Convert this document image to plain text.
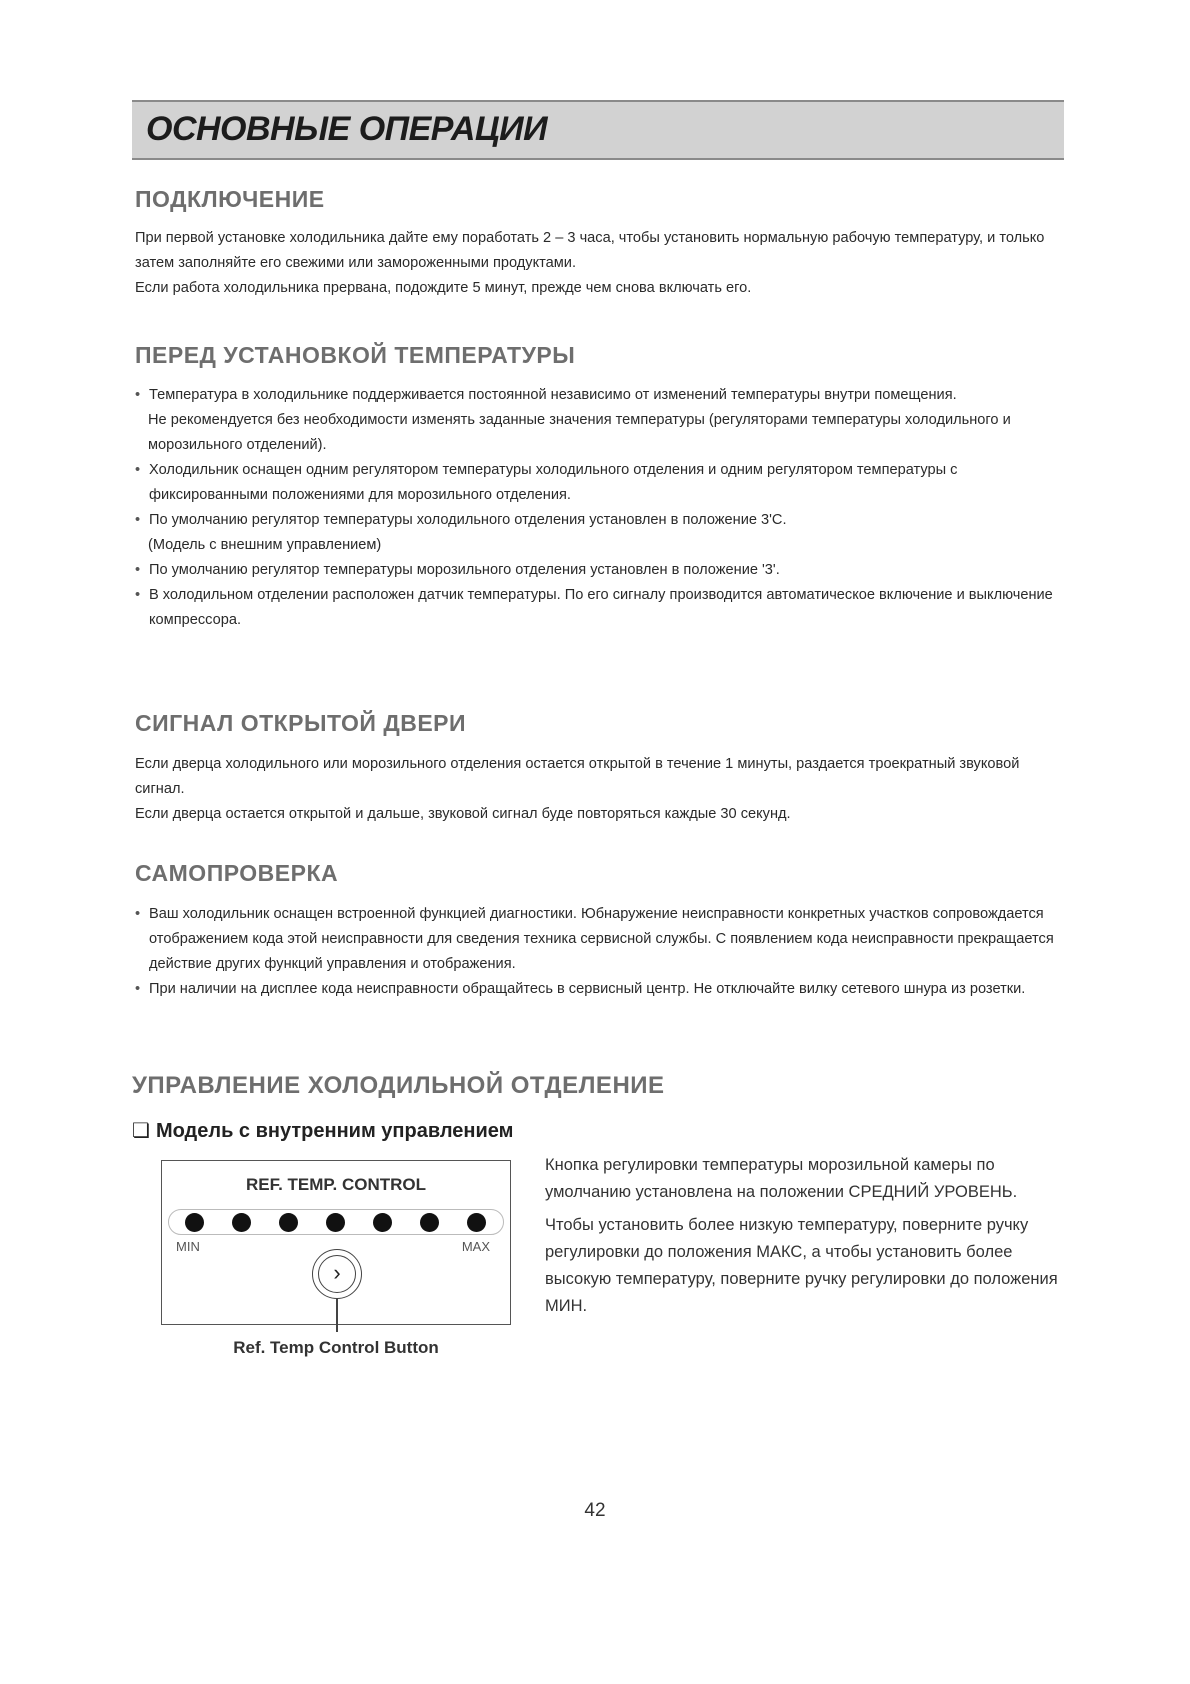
ОСНОВНЫЕ ОПЕРАЦИИ
ПОДКЛЮЧЕНИЕ

При первой установке холодильника дайте ему поработать 2 – 3 часа, чтобы установить нормальную рабочую температуру, и только затем заполняйте его свежими или замороженными продуктами.

Если работа холодильника прервана, подождите 5 минут, прежде чем снова включать его.

ПЕРЕД УСТАНОВКОЙ ТЕМПЕРАТУРЫ
• Температура в холодильнике поддерживается постоянной независимо от изменений температуры внутри помещения.
Не рекомендуется без необходимости изменять заданные значения температуры (регуляторами температуры холодильного и морозильного отделений).
• Холодильник оснащен одним регулятором температуры холодильного отделения и одним регулятором температуры с фиксированными положениями для морозильного отделения.
• По умолчанию регулятор температуры холодильного отделения установлен в положение 3'C.
(Модель с внешним управлением)
• По умолчанию регулятор температуры морозильного отделения установлен в положение '3'.
• В холодильном отделении расположен датчик температуры. По его сигналу производится автоматическое включение и выключение компрессора.
СИГНАЛ ОТКРЫТОЙ ДВЕРИ

Если дверца холодильного или морозильного отделения остается открытой в течение 1 минуты, раздается троекратный звуковой сигнал.

Если дверца остается открытой и дальше, звуковой сигнал буде повторяться каждые 30 секунд.

САМОПРОВЕРКА
• Ваш холодильник оснащен встроенной функцией диагностики. Юбнаружение неисправности конкретных участков сопровождается отображением кода этой неисправности для сведения техника сервисной службы. С появлением кода неисправности прекращается действие других функций управления и отображения.
• При наличии на дисплее кода неисправности обращайтесь в сервисный центр. Не отключайте вилку сетевого шнура из розетки.
УПРАВЛЕНИЕ ХОЛОДИЛЬНОЙ ОТДЕЛЕНИЕ
❏ Модель с внутренним управлением
REF. TEMP. CONTROL
MIN	MAX
›
Ref. Temp Control Button

Кнопка регулировки температуры морозильной камеры по умолчанию установлена на положении СРЕДНИЙ УРОВЕНЬ.

Чтобы установить более низкую температуру, поверните ручку регулировки до положения МАКС, а чтобы установить более высокую температуру, поверните ручку регулировки до положения МИН.

42
